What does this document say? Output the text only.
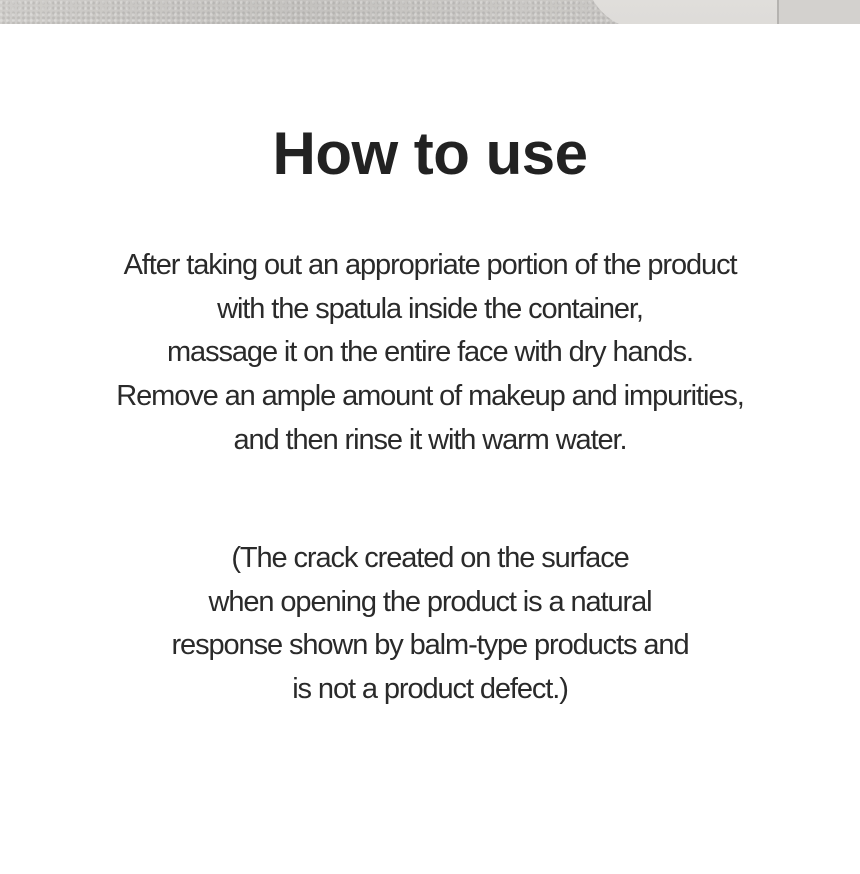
How to use
After taking out an appropriate portion of the product
with the spatula inside the container,
massage it on the entire face with dry hands.
Remove an ample amount of makeup and impurities,
and then rinse it with warm water.
(The crack created on the surface
when opening the product is a natural
response shown by balm-type products and
is not a product defect.)
